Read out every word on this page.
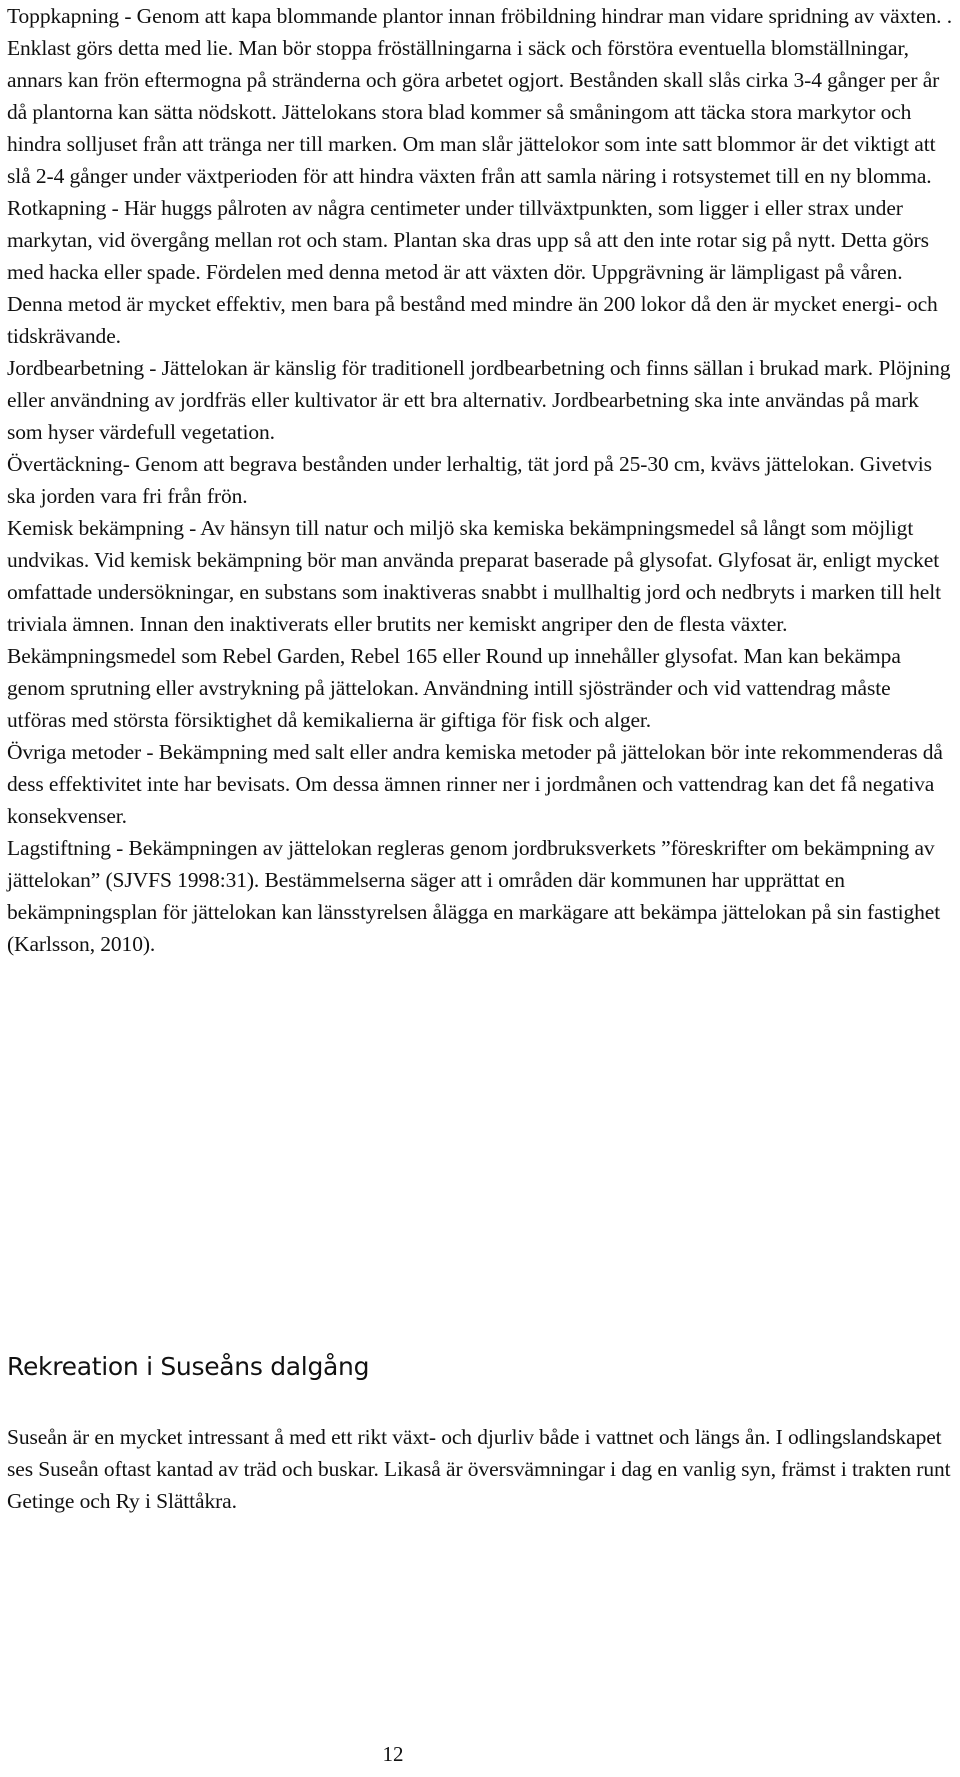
Toppkapning - Genom att kapa blommande plantor innan fröbildning hindrar man vidare spridning av växten. . Enklast görs detta med lie. Man bör stoppa fröställningarna i säck och förstöra eventuella blomställningar, annars kan frön eftermogna på stränderna och göra arbetet ogjort. Bestånden skall slås cirka 3-4 gånger per år då plantorna kan sätta nödskott. Jättelokans stora blad kommer så småningom att täcka stora markytor och hindra solljuset från att tränga ner till marken. Om man slår jättelokor som inte satt blommor är det viktigt att slå 2-4 gånger under växtperioden för att hindra växten från att samla näring i rotsystemet till en ny blomma.

Rotkapning - Här huggs pålroten av några centimeter under tillväxtpunkten, som ligger i eller strax under markytan, vid övergång mellan rot och stam. Plantan ska dras upp så att den inte rotar sig på nytt. Detta görs med hacka eller spade. Fördelen med denna metod är att växten dör. Uppgrävning är lämpligast på våren. Denna metod är mycket effektiv, men bara på bestånd med mindre än 200 lokor då den är mycket energi- och tidskrävande.

Jordbearbetning - Jättelokan är känslig för traditionell jordbearbetning och finns sällan i brukad mark. Plöjning eller användning av jordfräs eller kultivator är ett bra alternativ. Jordbearbetning ska inte användas på mark som hyser värdefull vegetation.

Övertäckning- Genom att begrava bestånden under lerhaltig, tät jord på 25-30 cm, kvävs jättelokan. Givetvis ska jorden vara fri från frön.

Kemisk bekämpning - Av hänsyn till natur och miljö ska kemiska bekämpningsmedel så långt som möjligt undvikas. Vid kemisk bekämpning bör man använda preparat baserade på glysofat. Glyfosat är, enligt mycket omfattade undersökningar, en substans som inaktiveras snabbt i mullhaltig jord och nedbryts i marken till helt triviala ämnen. Innan den inaktiverats eller brutits ner kemiskt angriper den de flesta växter. Bekämpningsmedel som Rebel Garden, Rebel 165 eller Round up innehåller glysofat. Man kan bekämpa genom sprutning eller avstrykning på jättelokan. Användning intill sjöstränder och vid vattendrag måste utföras med största försiktighet då kemikalierna är giftiga för fisk och alger.

Övriga metoder - Bekämpning med salt eller andra kemiska metoder på jättelokan bör inte rekommenderas då dess effektivitet inte har bevisats. Om dessa ämnen rinner ner i jordmånen och vattendrag kan det få negativa konsekvenser.

Lagstiftning - Bekämpningen av jättelokan regleras genom jordbruksverkets ”föreskrifter om bekämpning av jättelokan” (SJVFS 1998:31). Bestämmelserna säger att i områden där kommunen har upprättat en bekämpningsplan för jättelokan kan länsstyrelsen ålägga en markägare att bekämpa jättelokan på sin fastighet (Karlsson, 2010).

Rekreation i Suseåns dalgång

Suseån är en mycket intressant å med ett rikt växt- och djurliv både i vattnet och längs ån. I odlingslandskapet ses Suseån oftast kantad av träd och buskar. Likaså är översvämningar i dag en vanlig syn, främst i trakten runt Getinge och Ry i Slättåkra.

12
